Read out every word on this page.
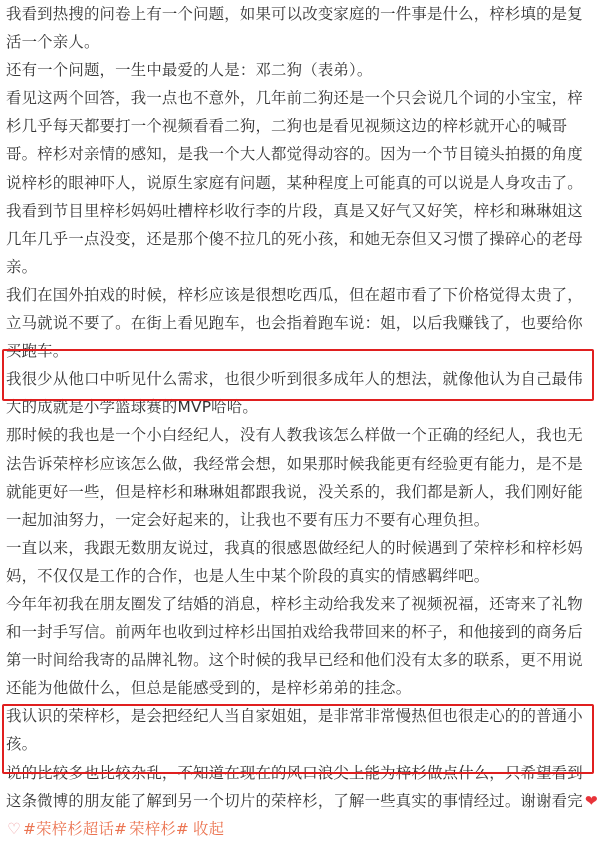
我看到热搜的问卷上有一个问题，如果可以改变家庭的一件事是什么，梓杉填的是复活一个亲人。

还有一个问题，一生中最爱的人是：邓二狗（表弟）。

看见这两个回答，我一点也不意外，几年前二狗还是一个只会说几个词的小宝宝，梓杉几乎每天都要打一个视频看看二狗，二狗也是看见视频这边的梓杉就开心的喊哥哥。梓杉对亲情的感知，是我一个大人都觉得动容的。因为一个节目镜头拍摄的角度说梓杉的眼神吓人，说原生家庭有问题，某种程度上可能真的可以说是人身攻击了。

我看到节目里梓杉妈妈吐槽梓杉收行李的片段，真是又好气又好笑，梓杉和琳琳姐这几年几乎一点没变，还是那个傻不拉几的死小孩，和她无奈但又习惯了操碎心的老母亲。

我们在国外拍戏的时候，梓杉应该是很想吃西瓜，但在超市看了下价格觉得太贵了，立马就说不要了。在街上看见跑车，也会指着跑车说：姐，以后我赚钱了，也要给你买跑车。

我很少从他口中听见什么需求，也很少听到很多成年人的想法，就像他认为自己最伟大的成就是小学篮球赛的MVP哈哈。

那时候的我也是一个小白经纪人，没有人教我该怎么样做一个正确的经纪人，我也无法告诉荣梓杉应该怎么做，我经常会想，如果那时候我能更有经验更有能力，是不是就能更好一些，但是梓杉和琳琳姐都跟我说，没关系的，我们都是新人，我们刚好能一起加油努力，一定会好起来的，让我也不要有压力不要有心理负担。

一直以来，我跟无数朋友说过，我真的很感恩做经纪人的时候遇到了荣梓杉和梓杉妈妈，不仅仅是工作的合作，也是人生中某个阶段的真实的情感羁绊吧。

今年年初我在朋友圈发了结婚的消息，梓杉主动给我发来了视频祝福，还寄来了礼物和一封手写信。前两年也收到过梓杉出国拍戏给我带回来的杯子，和他接到的商务后第一时间给我寄的品牌礼物。这个时候的我早已经和他们没有太多的联系，更不用说还能为他做什么，但总是能感受到的，是梓杉弟弟的挂念。

我认识的荣梓杉，是会把经纪人当自家姐姐，是非常非常慢热但也很走心的的普通小孩。

说的比较多也比较杂乱，不知道在现在的风口浪尖上能为梓杉做点什么，只希望看到这条微博的朋友能了解到另一个切片的荣梓杉，了解一些真实的事情经过。谢谢看完 ❤♡ #荣梓杉超话# 荣梓杉# 收起
